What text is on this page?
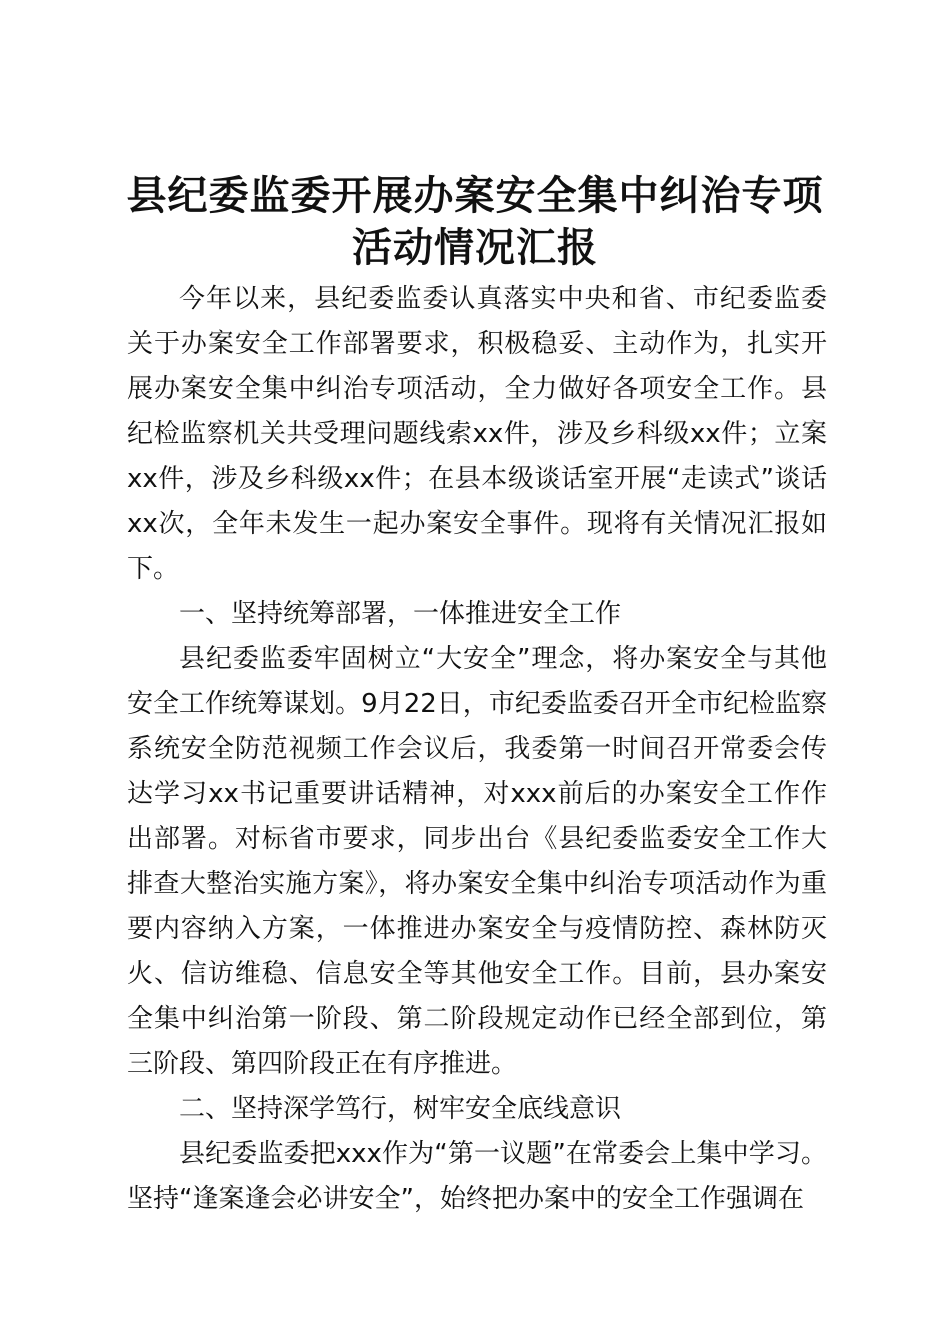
县纪委监委开展办案安全集中纠治专项
活动情况汇报

今年以来，县纪委监委认真落实中央和省、市纪委监委关于办案安全工作部署要求，积极稳妥、主动作为，扎实开展办案安全集中纠治专项活动，全力做好各项安全工作。县纪检监察机关共受理问题线索xx件，涉及乡科级xx件；立案xx件，涉及乡科级xx件；在县本级谈话室开展“走读式”谈话xx次，全年未发生一起办案安全事件。现将有关情况汇报如下。

一、坚持统筹部署，一体推进安全工作

县纪委监委牢固树立“大安全”理念，将办案安全与其他安全工作统筹谋划。9月22日，市纪委监委召开全市纪检监察系统安全防范视频工作会议后，我委第一时间召开常委会传达学习xx书记重要讲话精神，对xxx前后的办案安全工作作出部署。对标省市要求，同步出台《县纪委监委安全工作大排查大整治实施方案》，将办案安全集中纠治专项活动作为重要内容纳入方案，一体推进办案安全与疫情防控、森林防灭火、信访维稳、信息安全等其他安全工作。目前，县办案安全集中纠治第一阶段、第二阶段规定动作已经全部到位，第三阶段、第四阶段正在有序推进。

二、坚持深学笃行，树牢安全底线意识

县纪委监委把xxx作为“第一议题”在常委会上集中学习。坚持“逢案逢会必讲安全”，始终把办案中的安全工作强调在
